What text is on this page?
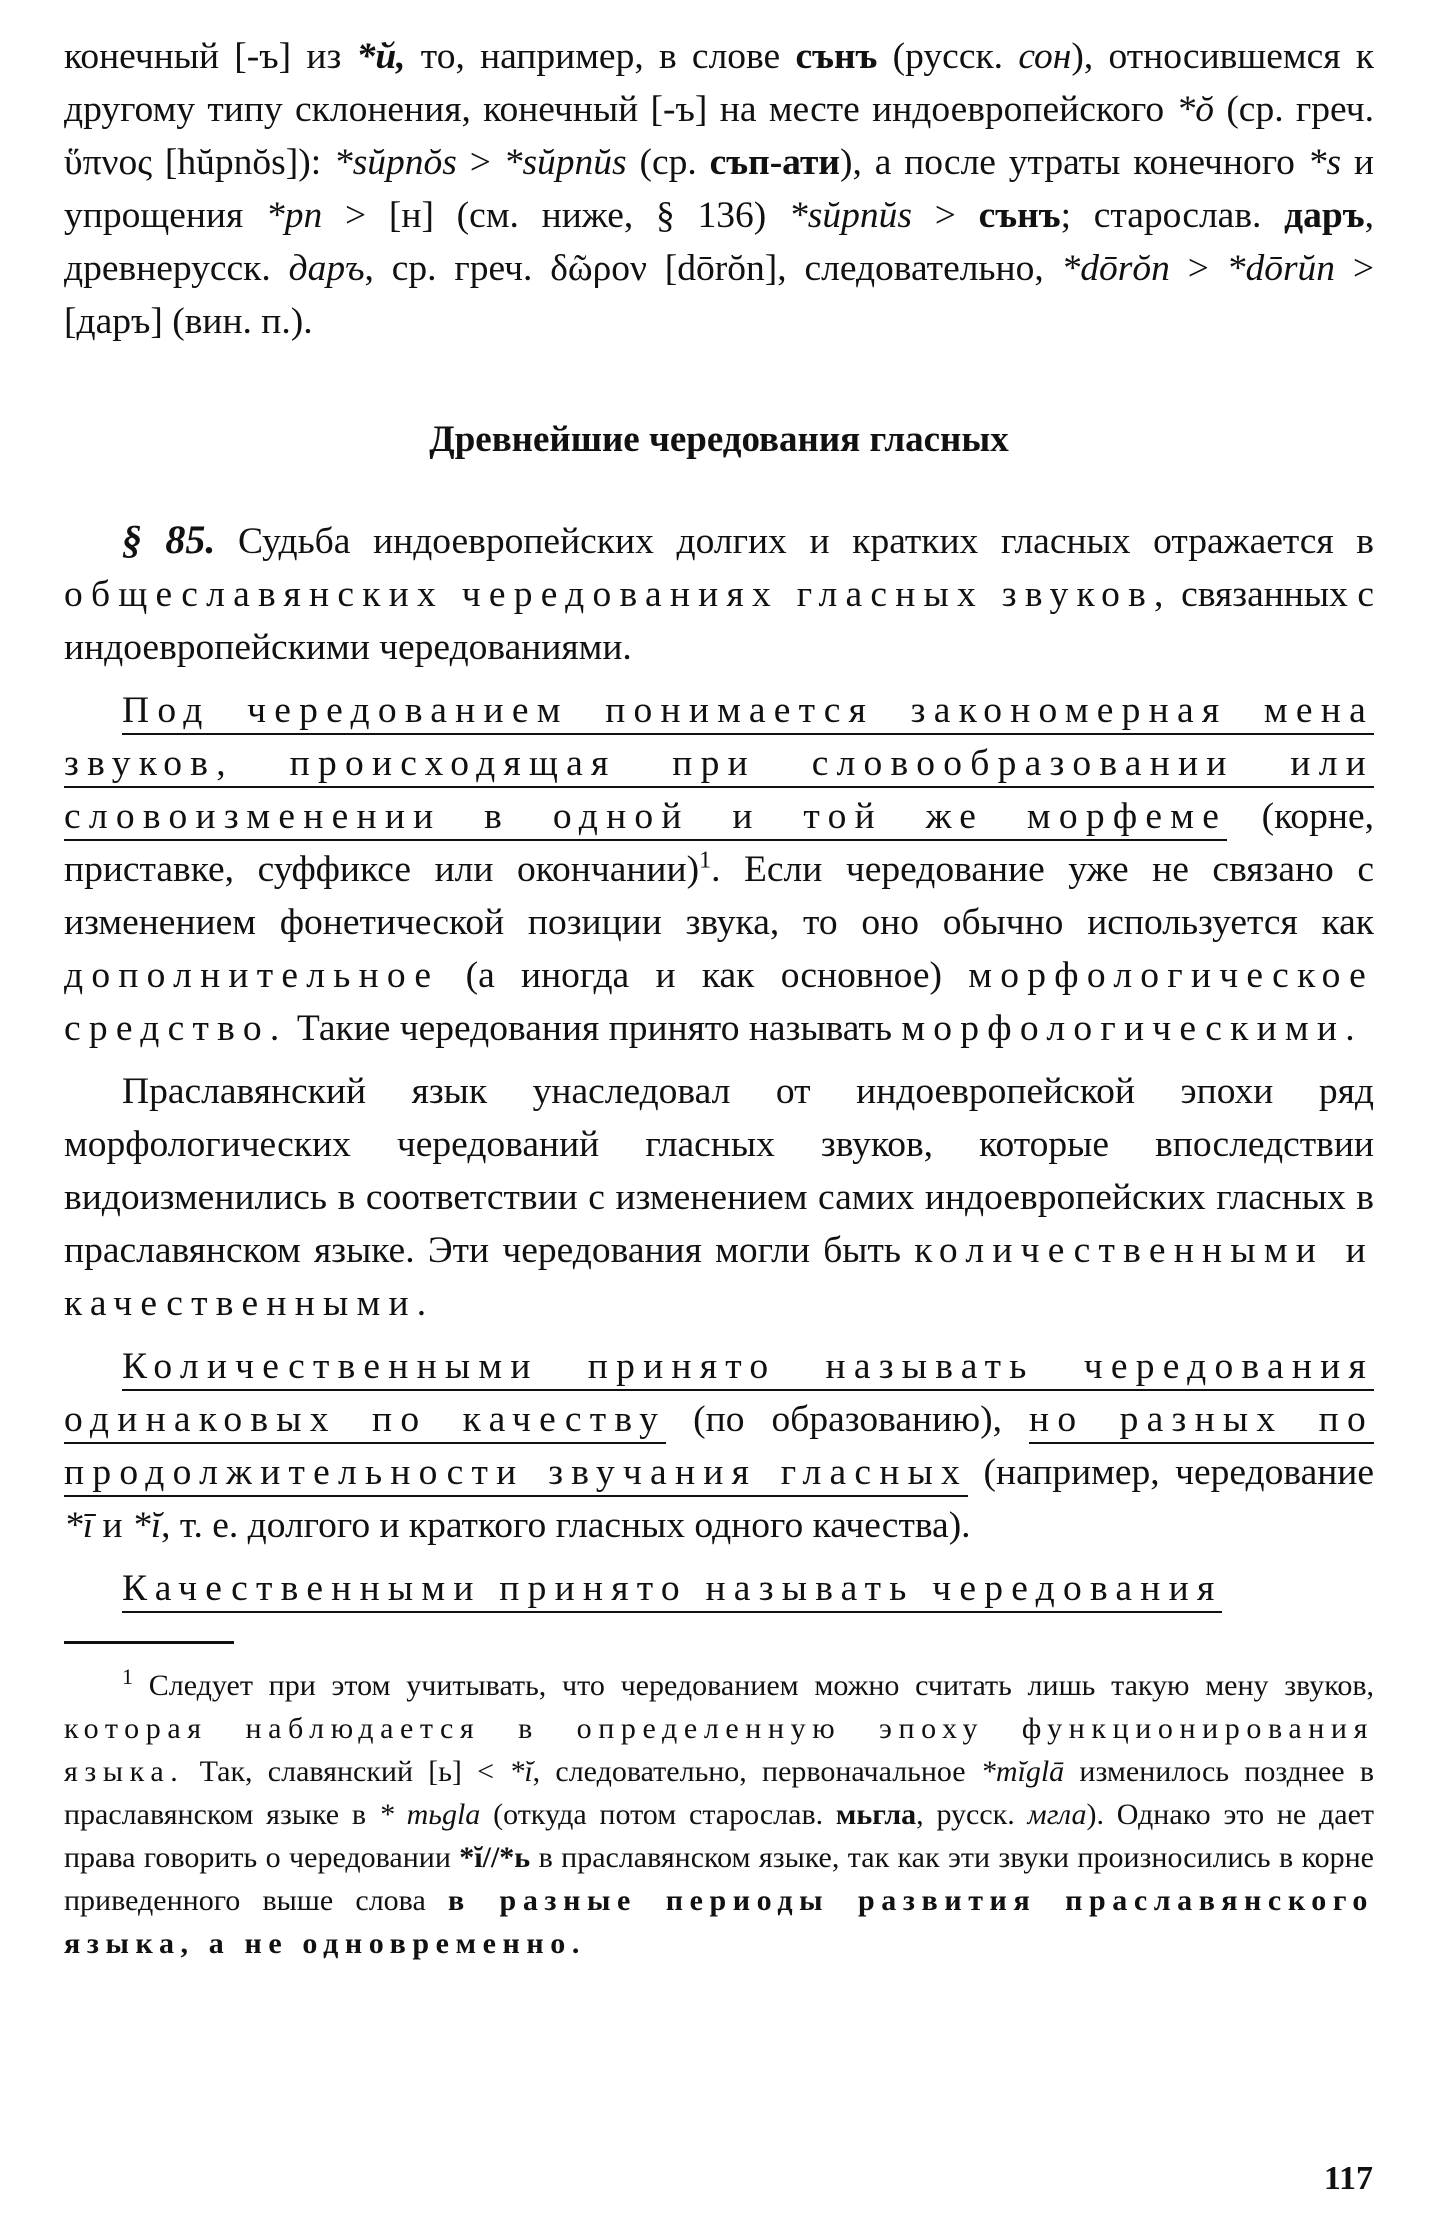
конечный [-ъ] из *й, то, например, в слове сънъ (русск. сон), относившемся к другому типу склонения, конечный [-ъ] на месте индоевропейского *ŏ (ср. греч. ὕπνος [hŭpnŏs]): *sŭpnŏs > *sŭpnŭs (ср. съп-ати), а после утраты конечного *s и упрощения *pn > [н] (см. ниже, § 136) *sŭpnŭs > сънъ; старослав. даръ, древнерусск. даръ, ср. греч. δῶρον [dōrŏn], следовательно, *dōrŏn > *dōrŭn > [даръ] (вин. п.).

Древнейшие чередования гласных

§ 85. Судьба индоевропейских долгих и кратких гласных отражается в общеславянских чередованиях гласных звуков, связанных с индоевропейскими чередованиями.

Под чередованием понимается закономерная мена звуков, происходящая при словообразовании или словоизменении в одной и той же морфеме (корне, приставке, суффиксе или окончании)$^1$. Если чередование уже не связано с изменением фонетической позиции звука, то оно обычно используется как дополнительное (а иногда и как основное) морфологическое средство. Такие чередования принято называть морфологическими.

Праславянский язык унаследовал от индоевропейской эпохи ряд морфологических чередований гласных звуков, которые впоследствии видоизменились в соответствии с изменением самих индоевропейских гласных в праславянском языке. Эти чередования могли быть количественными и качественными.

Количественными принято называть чередования одинаковых по качеству (по образованию), но разных по продолжительности звучания гласных (например, чередование *ī и *ĭ, т. е. долгого и краткого гласных одного качества).

Качественными принято называть чередования

$^1$ Следует при этом учитывать, что чередованием можно считать лишь такую мену звуков, которая наблюдается в определенную эпоху функционирования языка. Так, славянский [ь] < *ĭ, следовательно, первоначальное *mĭglā изменилось позднее в праславянском языке в * mьgla (откуда потом старослав. мьгла, русск. мгла). Однако это не дает права говорить о чередовании *ĭ//*ь в праславянском языке, так как эти звуки произносились в корне приведенного выше слова в разные периоды развития праславянского языка, а не одновременно.

117
